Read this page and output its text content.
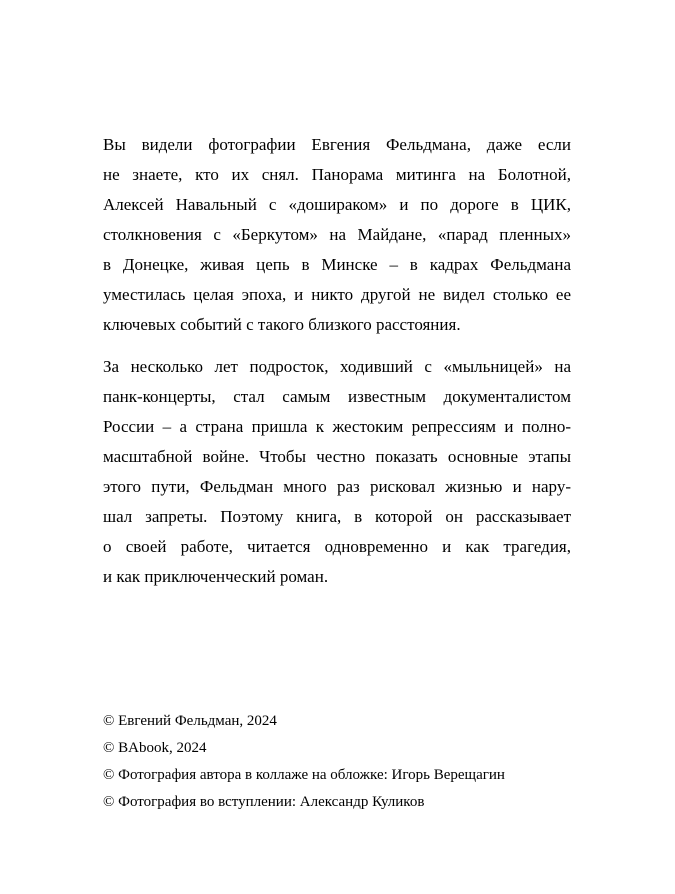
Вы видели фотографии Евгения Фельдмана, даже если
не знаете, кто их снял. Панорама митинга на Болотной,
Алексей Навальный с «дошираком» и по дороге в ЦИК,
столкновения с «Беркутом» на Майдане, «парад пленных»
в Донецке, живая цепь в Минске – в кадрах Фельдмана
уместилась целая эпоха, и никто другой не видел столько ее
ключевых событий с такого близкого расстояния.
За несколько лет подросток, ходивший с «мыльницей» на
панк-концерты, стал самым известным документалистом
России – а страна пришла к жестоким репрессиям и полно-
масштабной войне. Чтобы честно показать основные этапы
этого пути, Фельдман много раз рисковал жизнью и нару-
шал запреты. Поэтому книга, в которой он рассказывает
о своей работе, читается одновременно и как трагедия,
и как приключенческий роман.
© Евгений Фельдман, 2024
© BAbook, 2024
© Фотография автора в коллаже на обложке: Игорь Верещагин
© Фотография во вступлении: Александр Куликов
